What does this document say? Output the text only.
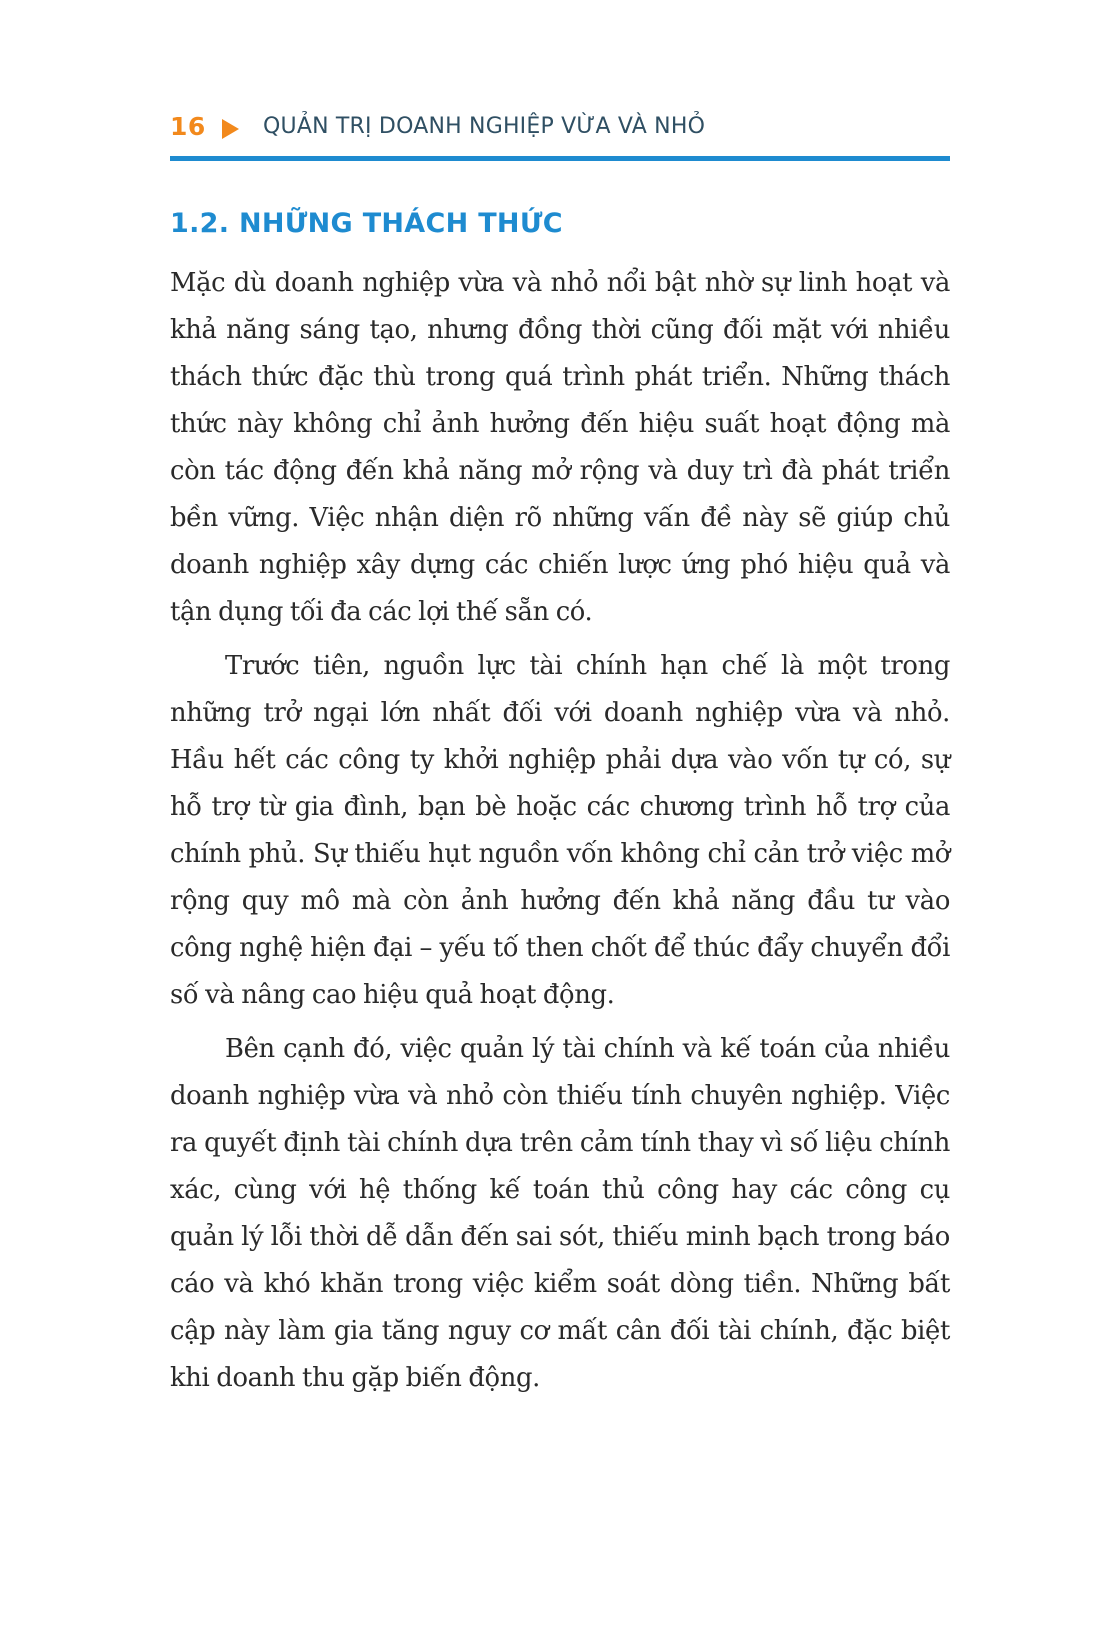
16	QUẢN TRỊ DOANH NGHIỆP VỪA VÀ NHỎ
1.2. NHỮNG THÁCH THỨC

Mặc dù doanh nghiệp vừa và nhỏ nổi bật nhờ sự linh hoạt và khả năng sáng tạo, nhưng đồng thời cũng đối mặt với nhiều thách thức đặc thù trong quá trình phát triển. Những thách thức này không chỉ ảnh hưởng đến hiệu suất hoạt động mà còn tác động đến khả năng mở rộng và duy trì đà phát triển bền vững. Việc nhận diện rõ những vấn đề này sẽ giúp chủ doanh nghiệp xây dựng các chiến lược ứng phó hiệu quả và tận dụng tối đa các lợi thế sẵn có.

Trước tiên, nguồn lực tài chính hạn chế là một trong những trở ngại lớn nhất đối với doanh nghiệp vừa và nhỏ. Hầu hết các công ty khởi nghiệp phải dựa vào vốn tự có, sự hỗ trợ từ gia đình, bạn bè hoặc các chương trình hỗ trợ của chính phủ. Sự thiếu hụt nguồn vốn không chỉ cản trở việc mở rộng quy mô mà còn ảnh hưởng đến khả năng đầu tư vào công nghệ hiện đại – yếu tố then chốt để thúc đẩy chuyển đổi số và nâng cao hiệu quả hoạt động.

Bên cạnh đó, việc quản lý tài chính và kế toán của nhiều doanh nghiệp vừa và nhỏ còn thiếu tính chuyên nghiệp. Việc ra quyết định tài chính dựa trên cảm tính thay vì số liệu chính xác, cùng với hệ thống kế toán thủ công hay các công cụ quản lý lỗi thời dễ dẫn đến sai sót, thiếu minh bạch trong báo cáo và khó khăn trong việc kiểm soát dòng tiền. Những bất cập này làm gia tăng nguy cơ mất cân đối tài chính, đặc biệt khi doanh thu gặp biến động.
